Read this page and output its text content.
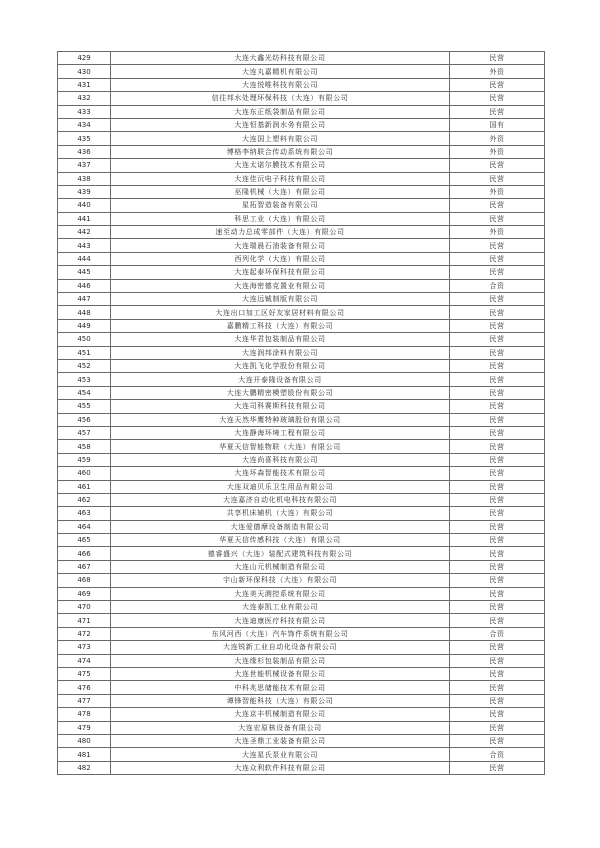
429	大连大鑫光纺科技有限公司	民营
430	大连丸嘉精机有限公司	外资
431	大连悦唯科技有限公司	民营
432	信往邦水处理环保科技（大连）有限公司	民营
433	大连东正纸袋制品有限公司	民营
434	大连恒基新润水务有限公司	国有
435	大连国上塑料有限公司	外资
436	博格李纳联合传动系统有限公司	外资
437	大连太诺尔膜技术有限公司	民营
438	大连佳沅电子科技有限公司	民营
439	巫隆机械（大连）有限公司	外资
440	星拓智造装备有限公司	民营
441	科思工业（大连）有限公司	民营
442	速至动力总成零部件（大连）有限公司	外资
443	大连瑞晨石油装备有限公司	民营
444	西列化学（大连）有限公司	民营
445	大连起泰环保科技有限公司	民营
446	大连海密德克置业有限公司	合资
447	大连远铖制版有限公司	民营
448	大连出口加工区好友家居材料有限公司	民营
449	嘉鹏精工科技（大连）有限公司	民营
450	大连华君包装制品有限公司	民营
451	大连润邦涂料有限公司	民营
452	大连凯飞化学股份有限公司	民营
453	大连开泰隆设备有限公司	民营
454	大连大鹏精密模塑股份有限公司	民营
455	大连司科赛斯科技有限公司	民营
456	大连天然华鹰特种玻璃股份有限公司	民营
457	大连静海环境工程有限公司	民营
458	华夏天信智能物联（大连）有限公司	民营
459	大连尚喜科技有限公司	民营
460	大连环森智能技术有限公司	民营
461	大连双迪贝乐卫生用品有限公司	民营
462	大连嘉济自动化机电科技有限公司	民营
463	共享机床辅机（大连）有限公司	民营
464	大连爱德摩设备制造有限公司	民营
465	华夏天信传感科技（大连）有限公司	民营
466	德睿盛兴（大连）装配式建筑科技有限公司	民营
467	大连山元机械制造有限公司	民营
468	宇山新环保科技（大连）有限公司	民营
469	大连美天测控系统有限公司	民营
470	大连泰凯工业有限公司	民营
471	大连迪康医疗科技有限公司	民营
472	东风河西（大连）汽车饰件系统有限公司	合资
473	大连锐新工业自动化设备有限公司	民营
474	大连缘杉包装制品有限公司	民营
475	大连世能机械设备有限公司	民营
476	中科兆思储能技术有限公司	民营
477	谭锋智能科技（大连）有限公司	民营
478	大连京丰机械制造有限公司	民营
479	大连宏原核设备有限公司	民营
480	大连圣鼎工业装备有限公司	民营
481	大连星氏泵业有限公司	合资
482	大连众利软件科技有限公司	民营
